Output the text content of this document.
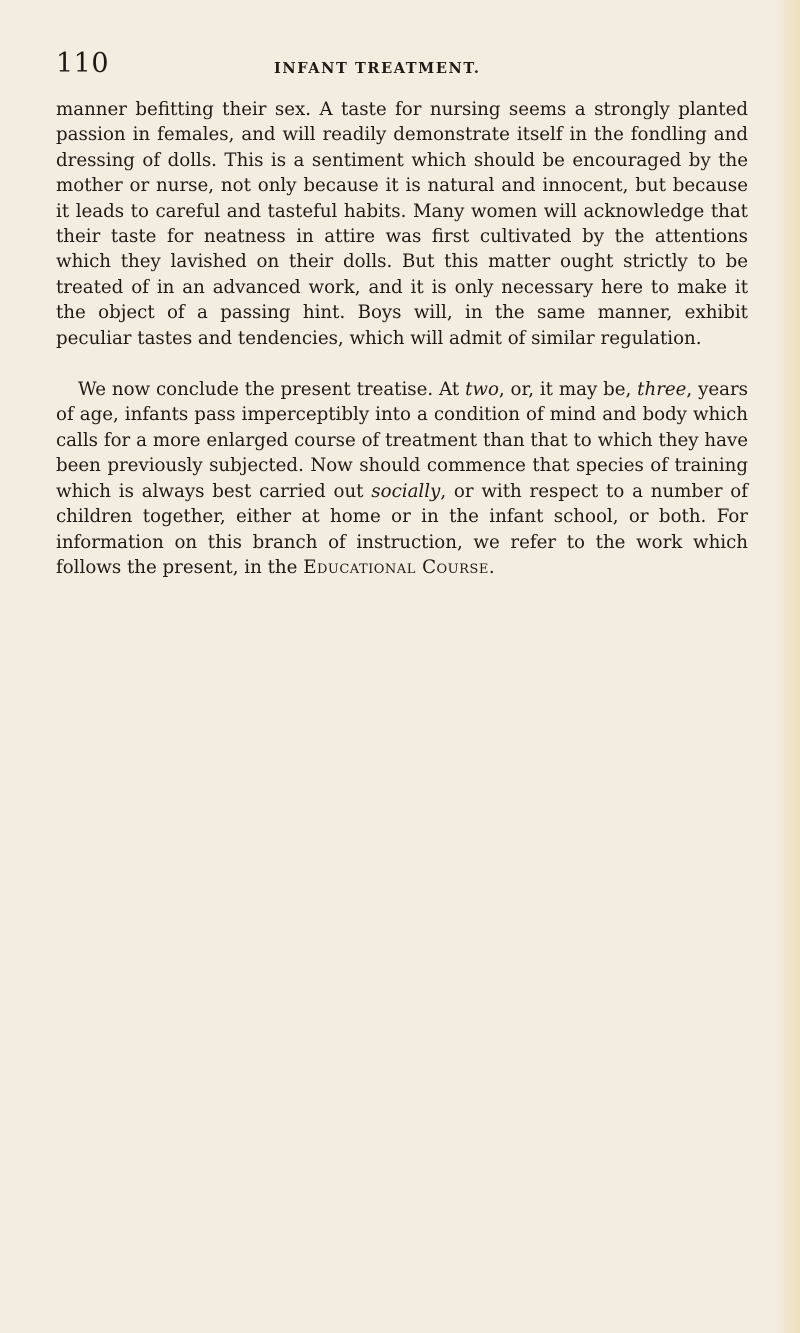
110	INFANT TREATMENT.

manner befitting their sex. A taste for nursing seems a strongly planted passion in females, and will readily demonstrate itself in the fondling and dressing of dolls. This is a sentiment which should be encouraged by the mother or nurse, not only because it is natural and innocent, but because it leads to careful and tasteful habits. Many women will acknowledge that their taste for neatness in attire was first cultivated by the attentions which they lavished on their dolls. But this matter ought strictly to be treated of in an advanced work, and it is only necessary here to make it the object of a passing hint. Boys will, in the same manner, exhibit peculiar tastes and tendencies, which will admit of similar regulation.

We now conclude the present treatise. At two, or, it may be, three, years of age, infants pass imperceptibly into a condition of mind and body which calls for a more enlarged course of treatment than that to which they have been previously subjected. Now should commence that species of training which is always best carried out socially, or with respect to a number of children together, either at home or in the infant school, or both. For information on this branch of instruction, we refer to the work which follows the present, in the Educational Course.
